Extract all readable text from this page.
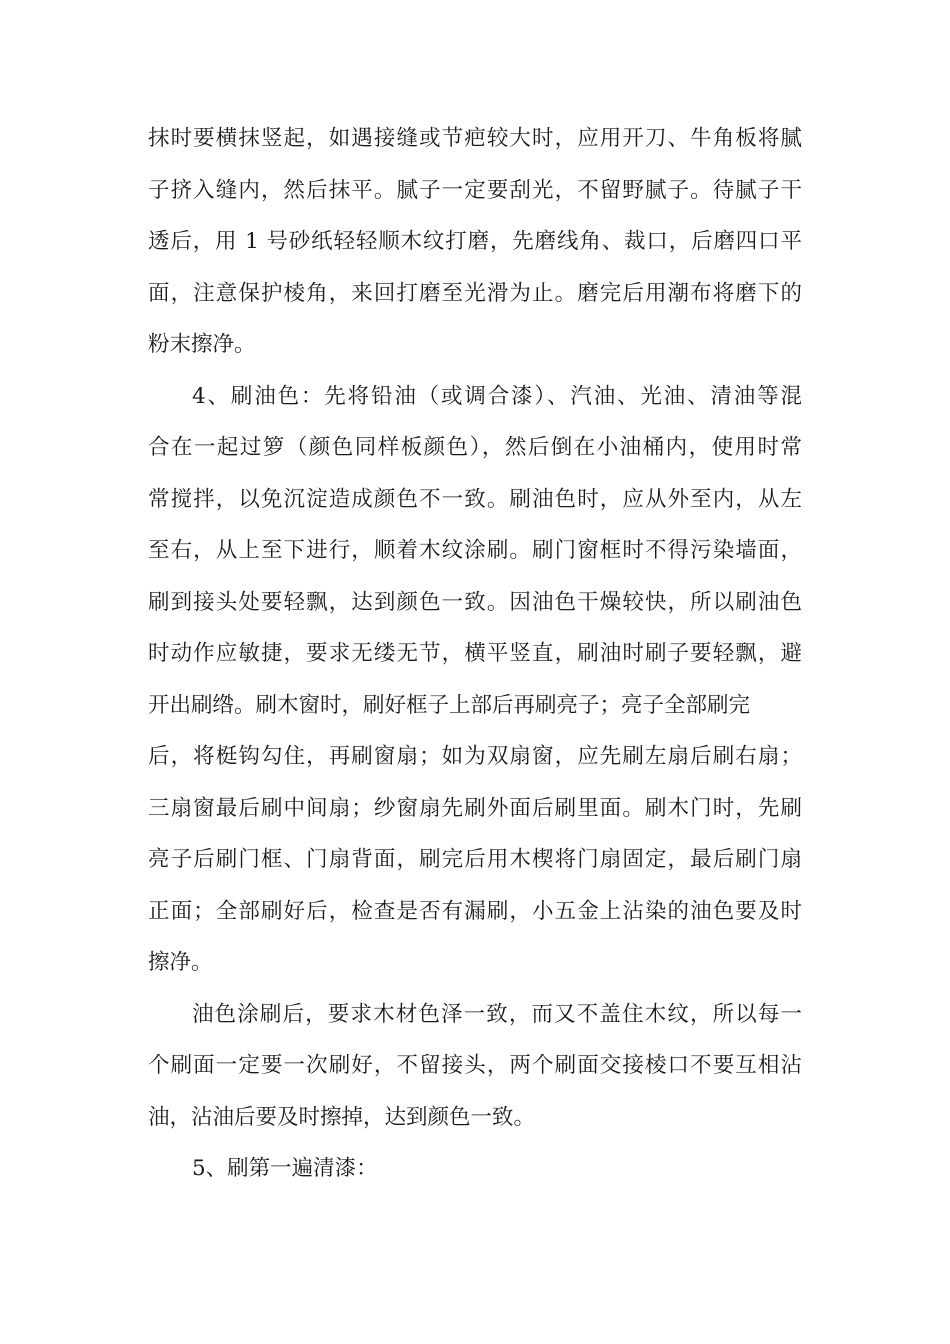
抹时要横抹竖起，如遇接缝或节疤较大时，应用开刀、牛角板将腻
子挤入缝内，然后抹平。腻子一定要刮光，不留野腻子。待腻子干
透后，用 1 号砂纸轻轻顺木纹打磨，先磨线角、裁口，后磨四口平
面，注意保护棱角，来回打磨至光滑为止。磨完后用潮布将磨下的
粉末擦净。
4、刷油色：先将铅油（或调合漆）、汽油、光油、清油等混
合在一起过箩（颜色同样板颜色），然后倒在小油桶内，使用时常
常搅拌，以免沉淀造成颜色不一致。刷油色时，应从外至内，从左
至右，从上至下进行，顺着木纹涂刷。刷门窗框时不得污染墙面，
刷到接头处要轻飘，达到颜色一致。因油色干燥较快，所以刷油色
时动作应敏捷，要求无缕无节，横平竖直，刷油时刷子要轻飘，避
开出刷绺。刷木窗时，刷好框子上部后再刷亮子；亮子全部刷完
后，将梃钩勾住，再刷窗扇；如为双扇窗，应先刷左扇后刷右扇；
三扇窗最后刷中间扇；纱窗扇先刷外面后刷里面。刷木门时，先刷
亮子后刷门框、门扇背面，刷完后用木楔将门扇固定，最后刷门扇
正面；全部刷好后，检查是否有漏刷，小五金上沾染的油色要及时
擦净。
油色涂刷后，要求木材色泽一致，而又不盖住木纹，所以每一
个刷面一定要一次刷好，不留接头，两个刷面交接棱口不要互相沾
油，沾油后要及时擦掉，达到颜色一致。
5、刷第一遍清漆：
